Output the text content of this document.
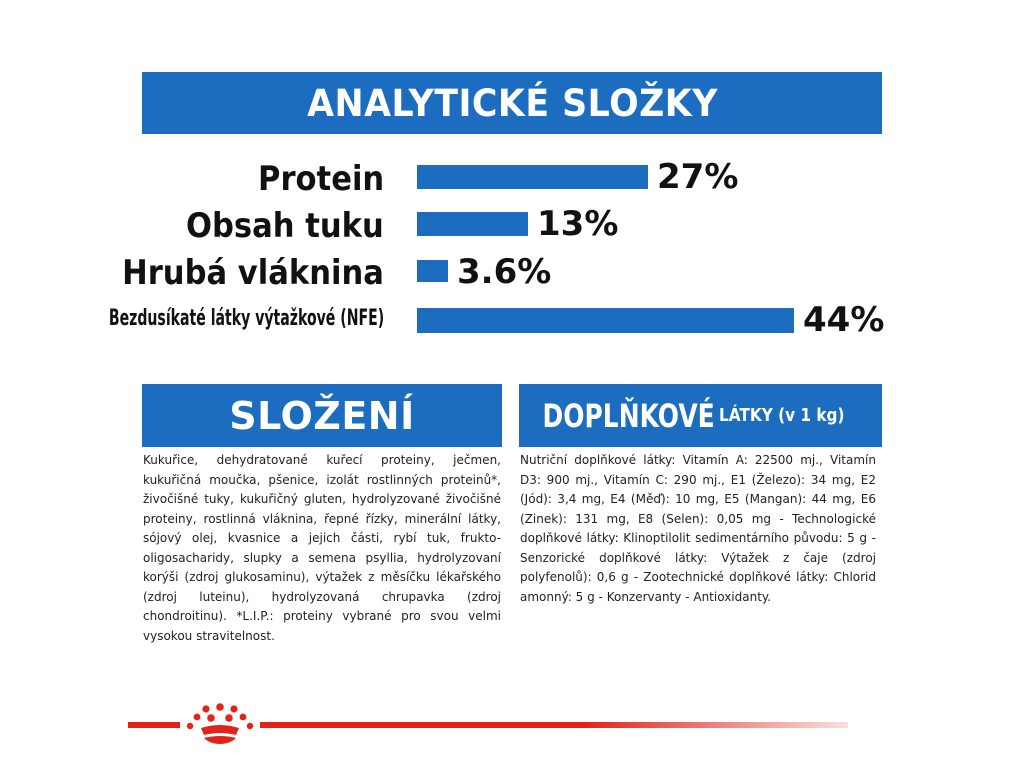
ANALYTICKÉ SLOŽKY
Protein	27%
Obsah tuku	13%
Hrubá vláknina 3.6%
Bezdusíkaté látky výtažkové (NFE)	44%
SLOŽENÍ

Kukuřice, dehydratované kuřecí proteiny, ječmen, kukuřičná moučka, pšenice, izolát rostlinných proteinů*, živočišné tuky, kukuřičný gluten, hydrolyzované živočišné proteiny, rostlinná vláknina, řepné řízky, minerální látky, sójový olej, kvasnice a jejich části, rybí tuk, frukto-oligosacharidy, slupky a semena psyllia, hydrolyzovaní korýši (zdroj glukosaminu), výtažek z měsíčku lékařského (zdroj luteinu), hydrolyzovaná chrupavka (zdroj chondroitinu). *L.I.P.: proteiny vybrané pro svou velmi vysokou stravitelnost.

DOPLŇKOVÉ LÁTKY (v 1 kg)

Nutriční doplňkové látky: Vitamín A: 22500 mj., Vitamín D3: 900 mj., Vitamín C: 290 mj., E1 (Železo): 34 mg, E2 (Jód): 3,4 mg, E4 (Měď): 10 mg, E5 (Mangan): 44 mg, E6 (Zinek): 131 mg, E8 (Selen): 0,05 mg - Technologické doplňkové látky: Klinoptilolit sedimentárního původu: 5 g - Senzorické doplňkové látky: Výtažek z čaje (zdroj polyfenolů): 0,6 g - Zootechnické doplňkové látky: Chlorid amonný: 5 g - Konzervanty - Antioxidanty.
